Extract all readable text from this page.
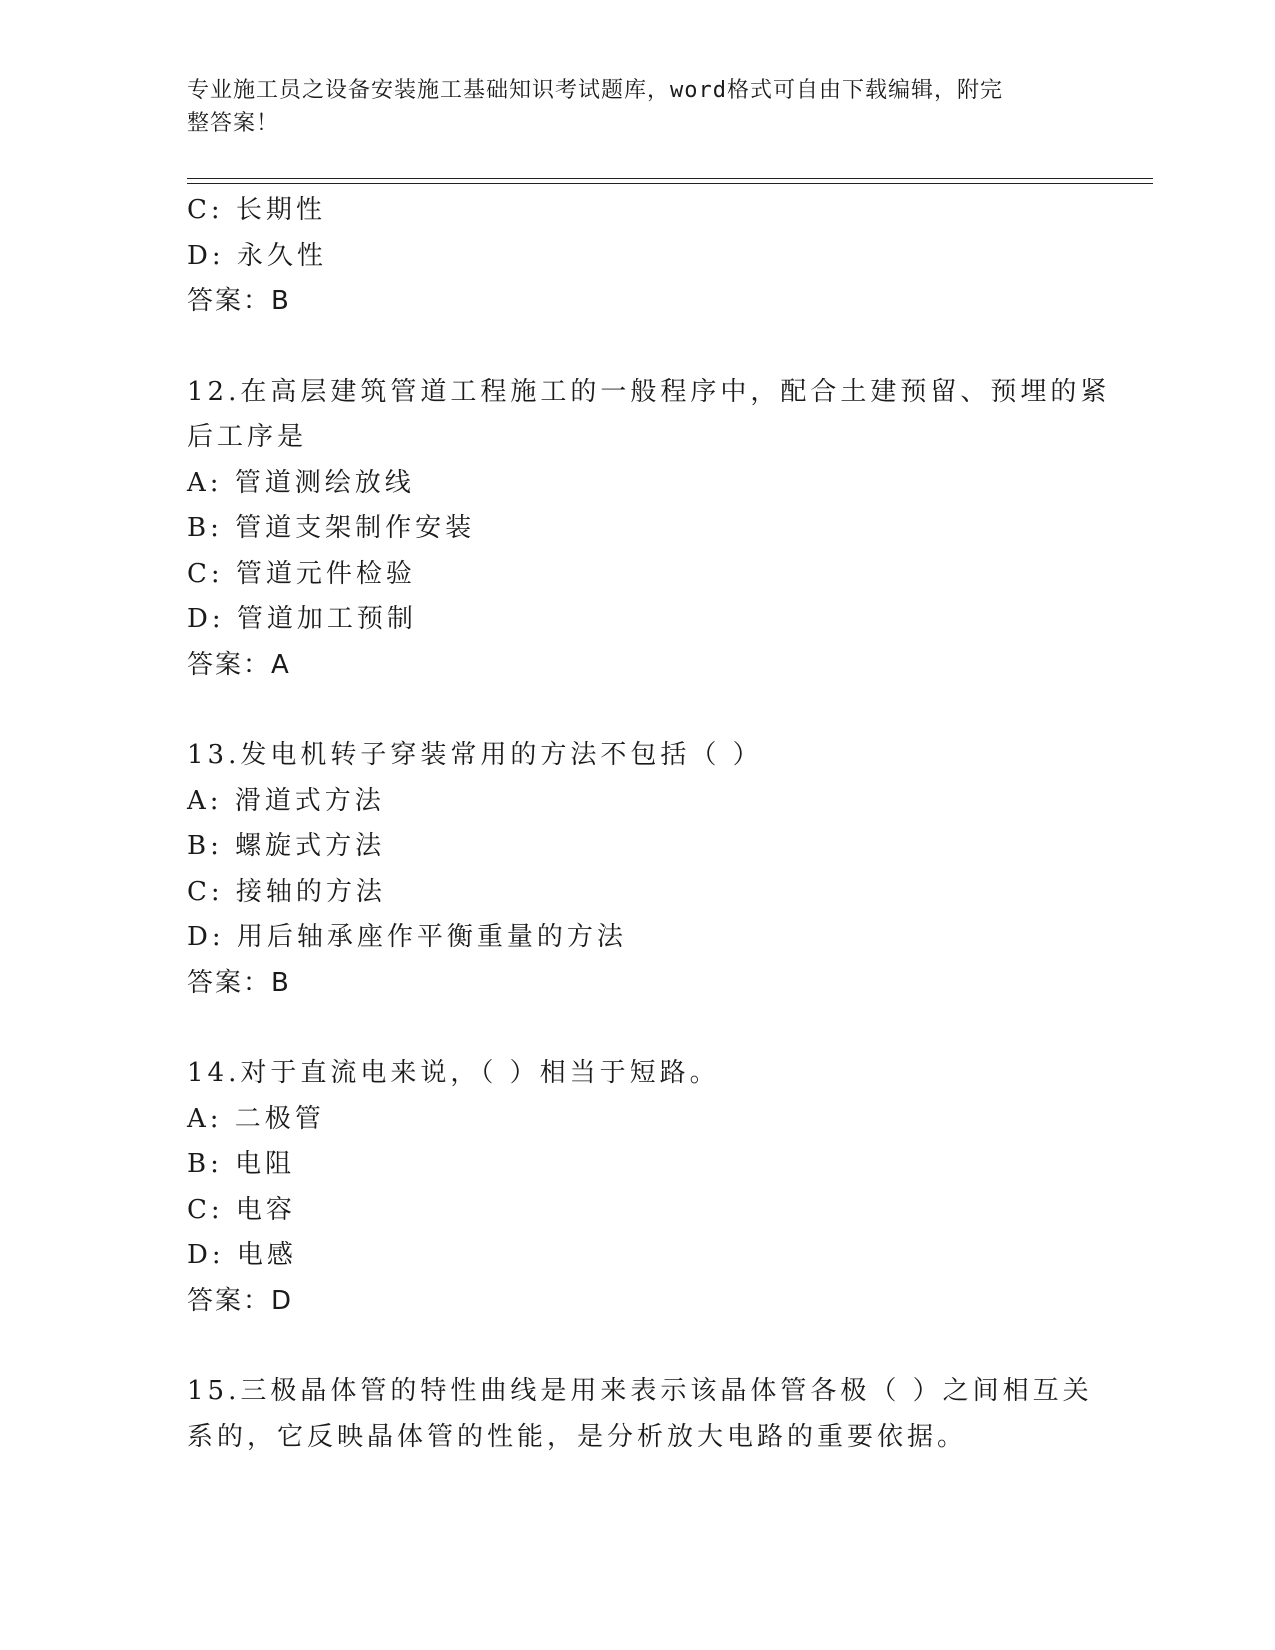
专业施工员之设备安装施工基础知识考试题库，word格式可自由下载编辑，附完
整答案！
C: 长期性
D: 永久性
答案：B
12.在高层建筑管道工程施工的一般程序中，配合土建预留、预埋的紧
后工序是
A: 管道测绘放线
B: 管道支架制作安装
C: 管道元件检验
D: 管道加工预制
答案：A
13.发电机转子穿装常用的方法不包括（ ）
A: 滑道式方法
B: 螺旋式方法
C: 接轴的方法
D: 用后轴承座作平衡重量的方法
答案：B
14.对于直流电来说，（ ）相当于短路。
A: 二极管
B: 电阻
C: 电容
D: 电感
答案：D
15.三极晶体管的特性曲线是用来表示该晶体管各极（ ）之间相互关
系的，它反映晶体管的性能，是分析放大电路的重要依据。
